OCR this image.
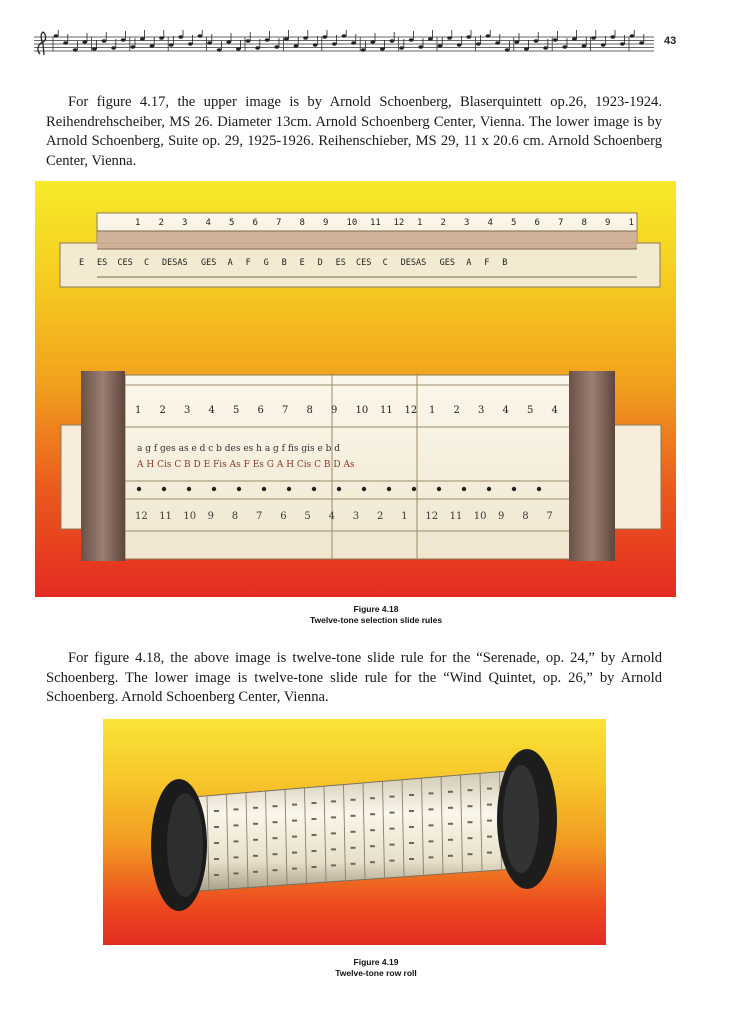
43

For figure 4.17, the upper image is by Arnold Schoenberg, Blaserquintett op.26, 1923-1924. Reihendrehscheiber, MS 26. Diameter 13cm. Arnold Schoenberg Center, Vienna. The lower image is by Arnold Schoenberg, Suite op. 29, 1925-1926. Reihenschieber, MS 29, 11 x 20.6 cm. Arnold Schoenberg Center, Vienna.

1 2 3 4 5 6 7 8 9 10 11 12 1 2 3 4 5 6 7 8 9 1
E ES CES C DESAS GES A F G B E D ES CES C DESAS GES A F B
1 2 3 4 5 6 7 8 9 10 11 12 1 2 3 4 5 4
a g f ges as e d c b des es h a g f fis gis e b d
A H Cis C B D E Fis As F Es G A H Cis C B D As
12 11 10 9 8 7 6 5 4 3 2 1 12 11 10 9 8 7
Figure 4.18
Twelve-tone selection slide rules

For figure 4.18, the above image is twelve-tone slide rule for the “Serenade, op. 24,” by Arnold Schoenberg. The lower image is twelve-tone slide rule for the “Wind Quintet, op. 26,” by Arnold Schoenberg. Arnold Schoenberg Center, Vienna.

Figure 4.19
Twelve-tone row roll
